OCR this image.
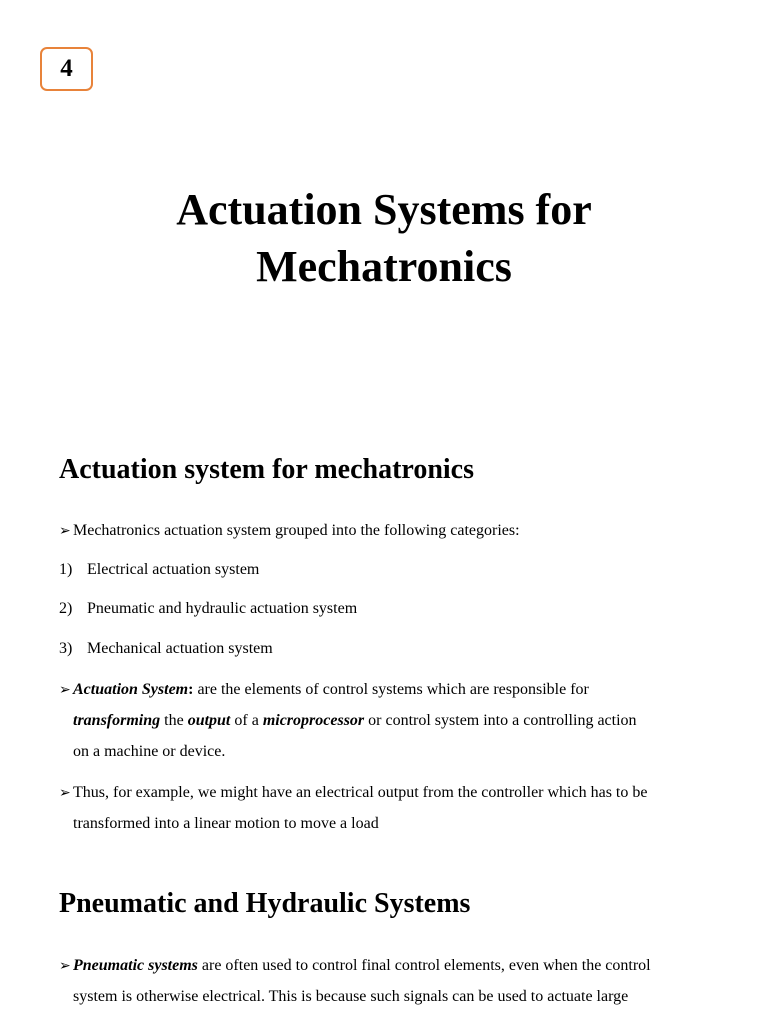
4
Actuation Systems for
Mechatronics
Actuation system for mechatronics
➢ Mechatronics actuation system grouped into the following categories:
1) Electrical actuation system
2) Pneumatic and hydraulic actuation system
3) Mechanical actuation system
➢ Actuation System: are the elements of control systems which are responsible for
transforming the output of a microprocessor or control system into a controlling action
on a machine or device.
➢ Thus, for example, we might have an electrical output from the controller which has to be
transformed into a linear motion to move a load
Pneumatic and Hydraulic Systems
➢ Pneumatic systems are often used to control final control elements, even when the control
system is otherwise electrical. This is because such signals can be used to actuate large
